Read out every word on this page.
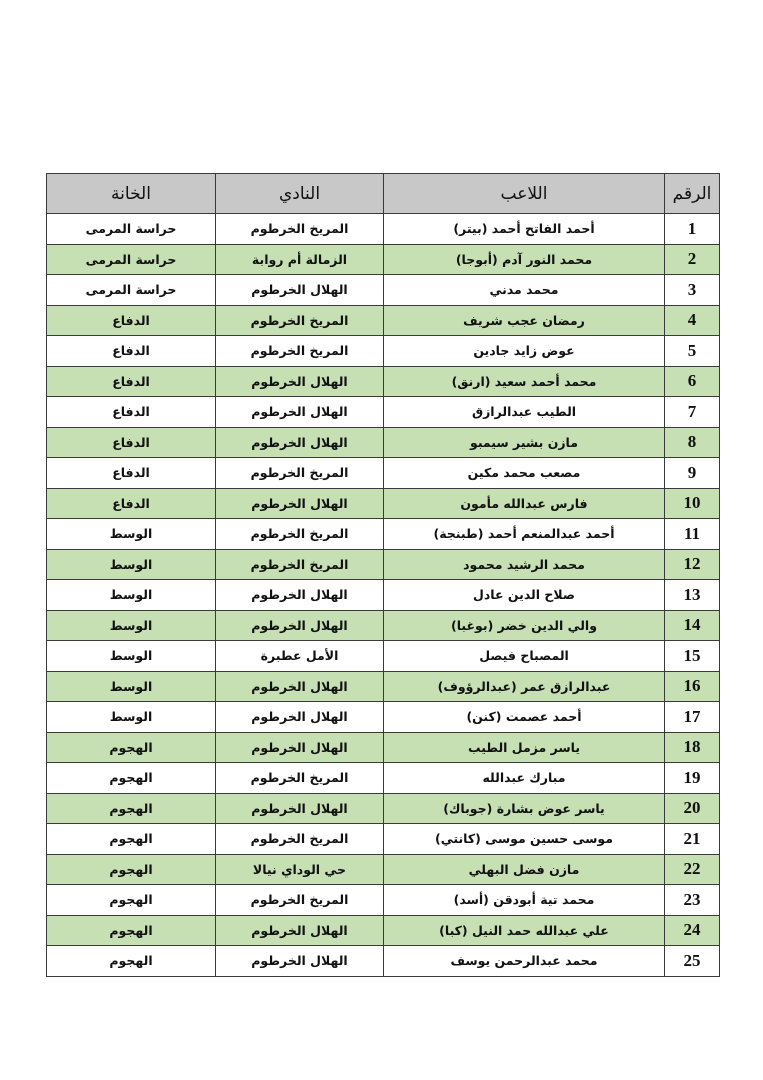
الرقم	اللاعب	النادي	الخانة
1	أحمد الفاتح أحمد (بيتر)	المريخ الخرطوم	حراسة المرمى
2	محمد النور آدم (أبوجا)	الزمالة أم روابة	حراسة المرمى
3	محمد مدني	الهلال الخرطوم	حراسة المرمى
4	رمضان عجب شريف	المريخ الخرطوم	الدفاع
5	عوض زايد جادين	المريخ الخرطوم	الدفاع
6	محمد أحمد سعيد (ارنق)	الهلال الخرطوم	الدفاع
7	الطيب عبدالرازق	الهلال الخرطوم	الدفاع
8	مازن بشير سيمبو	الهلال الخرطوم	الدفاع
9	مصعب محمد مكين	المريخ الخرطوم	الدفاع
10	فارس عبدالله مأمون	الهلال الخرطوم	الدفاع
11	أحمد عبدالمنعم أحمد (طبنجة)	المريخ الخرطوم	الوسط
12	محمد الرشيد محمود	المريخ الخرطوم	الوسط
13	صلاح الدين عادل	الهلال الخرطوم	الوسط
14	والي الدين خضر (بوغبا)	الهلال الخرطوم	الوسط
15	المصباح فيصل	الأمل عطبرة	الوسط
16	عبدالرازق عمر (عبدالرؤوف)	الهلال الخرطوم	الوسط
17	أحمد عصمت (كنن)	الهلال الخرطوم	الوسط
18	ياسر مزمل الطيب	الهلال الخرطوم	الهجوم
19	مبارك عبدالله	المريخ الخرطوم	الهجوم
20	ياسر عوض بشارة (جوباك)	الهلال الخرطوم	الهجوم
21	موسى حسين موسى (كانتي)	المريخ الخرطوم	الهجوم
22	مازن فضل البهلي	حي الوداي نيالا	الهجوم
23	محمد تية أبودقن (أسد)	المريخ الخرطوم	الهجوم
24	علي عبدالله حمد النيل (كبا)	الهلال الخرطوم	الهجوم
25	محمد عبدالرحمن يوسف	الهلال الخرطوم	الهجوم
